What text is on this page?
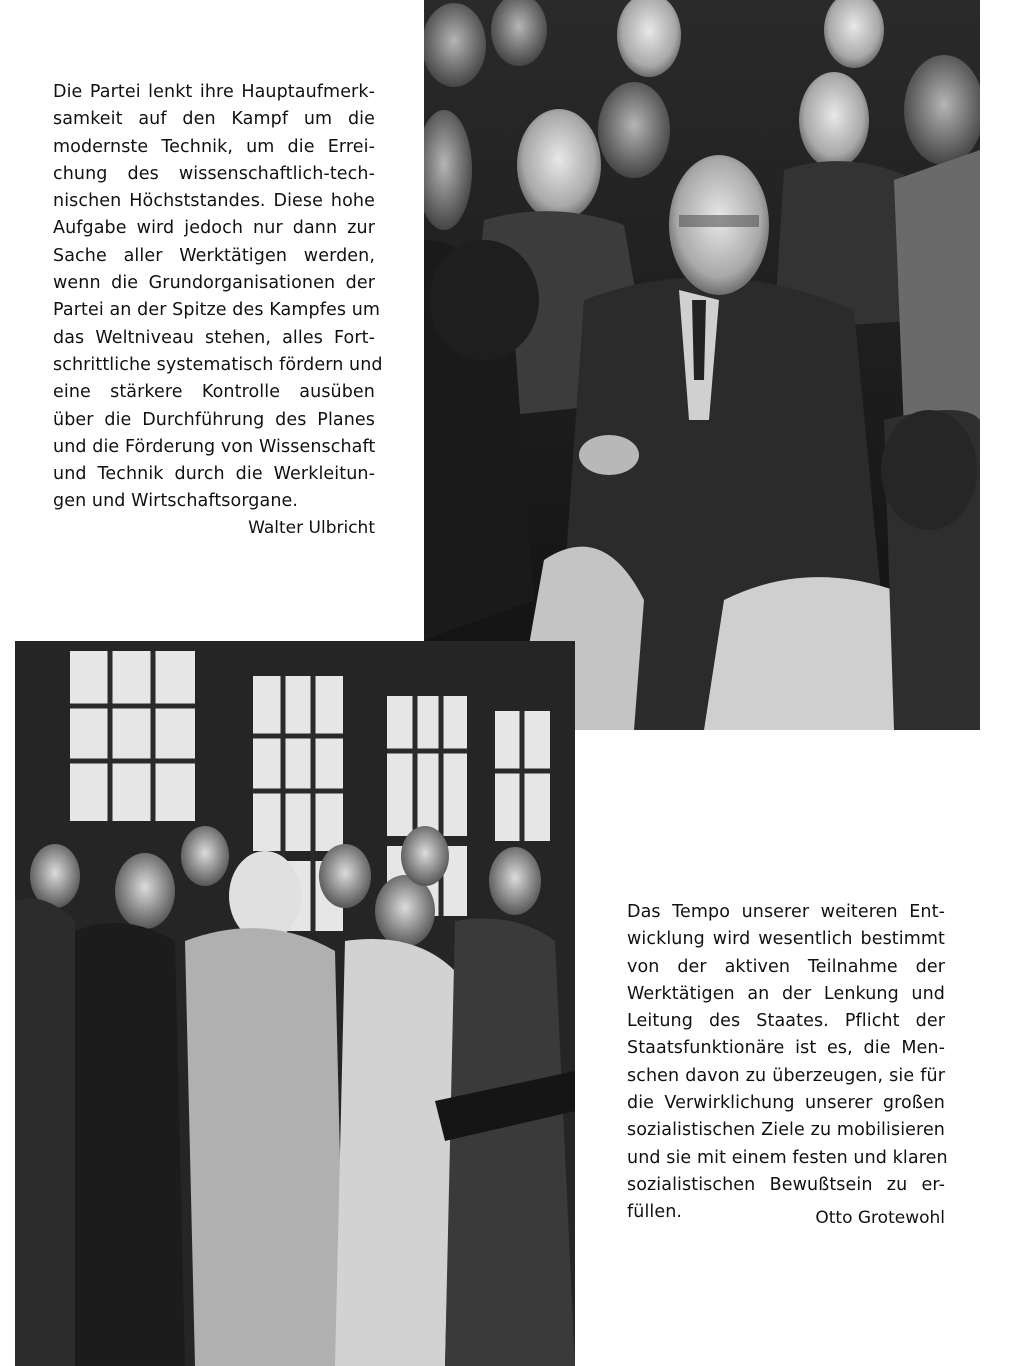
Die Partei lenkt ihre Hauptaufmerk-
samkeit auf den Kampf um die
modernste Technik, um die Errei-
chung des wissenschaftlich-tech-
nischen Höchststandes. Diese hohe
Aufgabe wird jedoch nur dann zur
Sache aller Werktätigen werden,
wenn die Grundorganisationen der
Partei an der Spitze des Kampfes um
das Weltniveau stehen, alles Fort-
schrittliche systematisch fördern und
eine stärkere Kontrolle ausüben
über die Durchführung des Planes
und die Förderung von Wissenschaft
und Technik durch die Werkleitun-
gen und Wirtschaftsorgane.
Walter Ulbricht
Das Tempo unserer weiteren Ent-
wicklung wird wesentlich bestimmt
von der aktiven Teilnahme der
Werktätigen an der Lenkung und
Leitung des Staates. Pflicht der
Staatsfunktionäre ist es, die Men-
schen davon zu überzeugen, sie für
die Verwirklichung unserer großen
sozialistischen Ziele zu mobilisieren
und sie mit einem festen und klaren
sozialistischen Bewußtsein zu er-
füllen.	Otto Grotewohl
